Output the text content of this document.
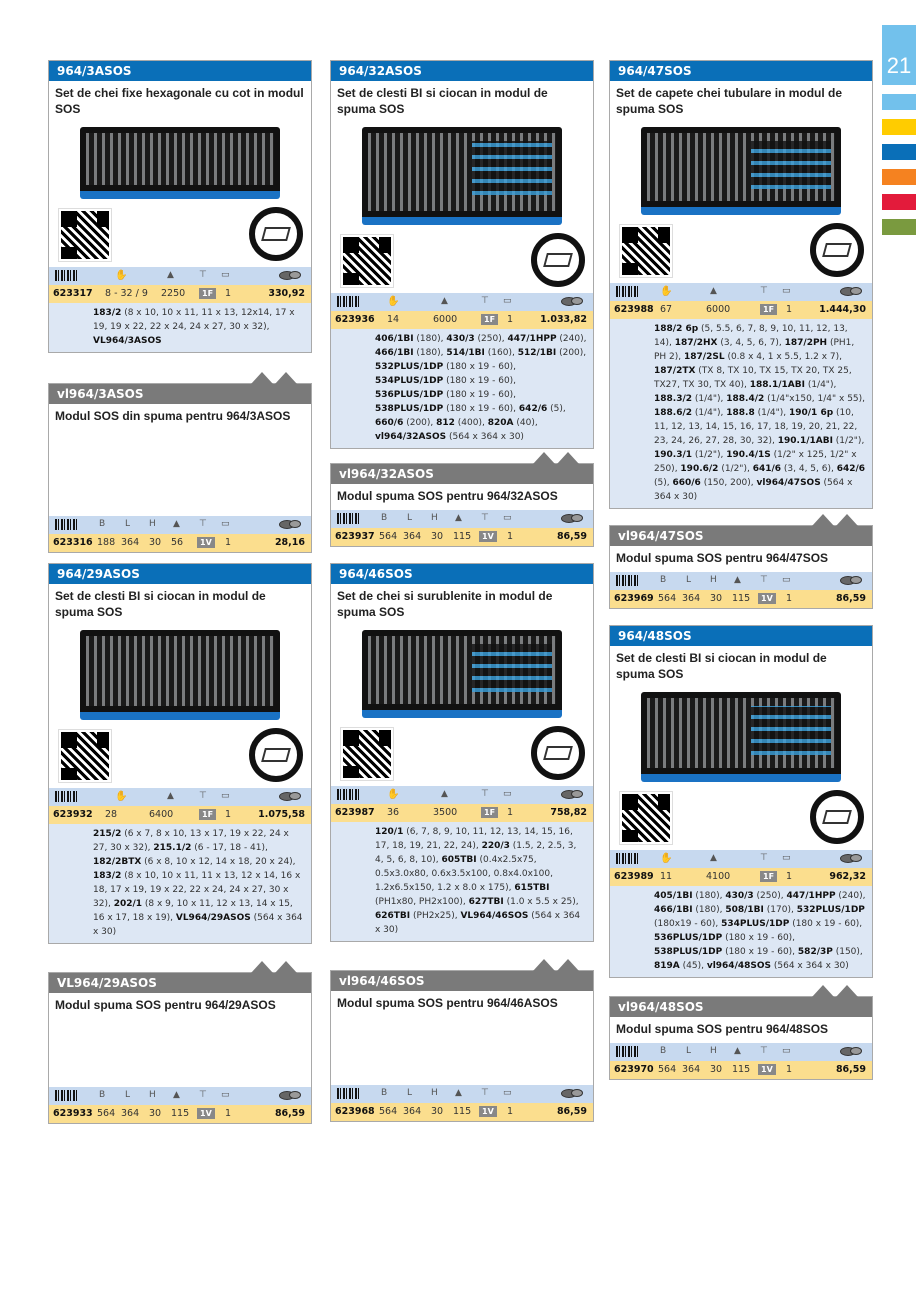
21
964/3ASOS
Set de chei fixe hexagonale cu cot in modul SOS
✋	▲	⊤ ▭
623317 8 - 32 / 9 2250	1F	1	330,92
183/2 (8 x 10, 10 x 11, 11 x 13, 12x14, 17 x 19, 19 x 22, 22 x 24, 24 x 27, 30 x 32), VL964/3ASOS
vl964/3ASOS
Modul SOS din spuma pentru 964/3ASOS
B L H ▲ ⊤ ▭
623316 188 364 30 56	1V	1	28,16
964/29ASOS
Set de clesti BI si ciocan in modul de spuma SOS
✋	▲	⊤ ▭
623932 28	6400	1F	1	1.075,58
215/2 (6 x 7, 8 x 10, 13 x 17, 19 x 22, 24 x 27, 30 x 32), 215.1/2 (6 - 17, 18 - 41), 182/2BTX (6 x 8, 10 x 12, 14 x 18, 20 x 24), 183/2 (8 x 10, 10 x 11, 11 x 13, 12 x 14, 16 x 18, 17 x 19, 19 x 22, 22 x 24, 24 x 27, 30 x 32), 202/1 (8 x 9, 10 x 11, 12 x 13, 14 x 15, 16 x 17, 18 x 19), VL964/29ASOS (564 x 364 x 30)
VL964/29ASOS
Modul spuma SOS pentru 964/29ASOS
B L H ▲ ⊤ ▭
623933 564 364 30 115	1V	1	86,59
964/32ASOS
Set de clesti BI si ciocan in modul de spuma SOS
✋	▲	⊤ ▭
623936 14	6000	1F	1	1.033,82
406/1BI (180), 430/3 (250), 447/1HPP (240), 466/1BI (180), 514/1BI (160), 512/1BI (200), 532PLUS/1DP (180 x 19 - 60), 534PLUS/1DP (180 x 19 - 60), 536PLUS/1DP (180 x 19 - 60), 538PLUS/1DP (180 x 19 - 60), 642/6 (5), 660/6 (200), 812 (400), 820A (40), vl964/32ASOS (564 x 364 x 30)
vl964/32ASOS
Modul spuma SOS pentru 964/32ASOS
B L H ▲ ⊤ ▭
623937 564 364 30 115	1V	1	86,59
964/46SOS
Set de chei si surublenite in modul de spuma SOS
✋	▲	⊤ ▭
623987 36	3500	1F	1	758,82
120/1 (6, 7, 8, 9, 10, 11, 12, 13, 14, 15, 16, 17, 18, 19, 21, 22, 24), 220/3 (1.5, 2, 2.5, 3, 4, 5, 6, 8, 10), 605TBI (0.4x2.5x75, 0.5x3.0x80, 0.6x3.5x100, 0.8x4.0x100, 1.2x6.5x150, 1.2 x 8.0 x 175), 615TBI (PH1x80, PH2x100), 627TBI (1.0 x 5.5 x 25), 626TBI (PH2x25), VL964/46SOS (564 x 364 x 30)
vl964/46SOS
Modul spuma SOS pentru 964/46ASOS
B L H ▲ ⊤ ▭
623968 564 364 30 115	1V	1	86,59
964/47SOS
Set de capete chei tubulare in modul de spuma SOS
✋	▲	⊤ ▭
623988 67	6000	1F	1	1.444,30
188/2 6p (5, 5.5, 6, 7, 8, 9, 10, 11, 12, 13, 14), 187/2HX (3, 4, 5, 6, 7), 187/2PH (PH1, PH 2), 187/2SL (0.8 x 4, 1 x 5.5, 1.2 x 7), 187/2TX (TX 8, TX 10, TX 15, TX 20, TX 25, TX27, TX 30, TX 40), 188.1/1ABI (1/4"), 188.3/2 (1/4"), 188.4/2 (1/4"x150, 1/4" x 55), 188.6/2 (1/4"), 188.8 (1/4"), 190/1 6p (10, 11, 12, 13, 14, 15, 16, 17, 18, 19, 20, 21, 22, 23, 24, 26, 27, 28, 30, 32), 190.1/1ABI (1/2"), 190.3/1 (1/2"), 190.4/1S (1/2" x 125, 1/2" x 250), 190.6/2 (1/2"), 641/6 (3, 4, 5, 6), 642/6 (5), 660/6 (150, 200), vl964/47SOS (564 x 364 x 30)
vl964/47SOS
Modul spuma SOS pentru 964/47SOS
B L H ▲ ⊤ ▭
623969 564 364 30 115	1V	1	86,59
964/48SOS
Set de clesti BI si ciocan in modul de spuma SOS
✋	▲	⊤ ▭
623989 11	4100	1F	1	962,32
405/1BI (180), 430/3 (250), 447/1HPP (240), 466/1BI (180), 508/1BI (170), 532PLUS/1DP (180x19 - 60), 534PLUS/1DP (180 x 19 - 60), 536PLUS/1DP (180 x 19 - 60), 538PLUS/1DP (180 x 19 - 60), 582/3P (150), 819A (45), vl964/48SOS (564 x 364 x 30)
vl964/48SOS
Modul spuma SOS pentru 964/48SOS
B L H ▲ ⊤ ▭
623970 564 364 30 115	1V	1	86,59
